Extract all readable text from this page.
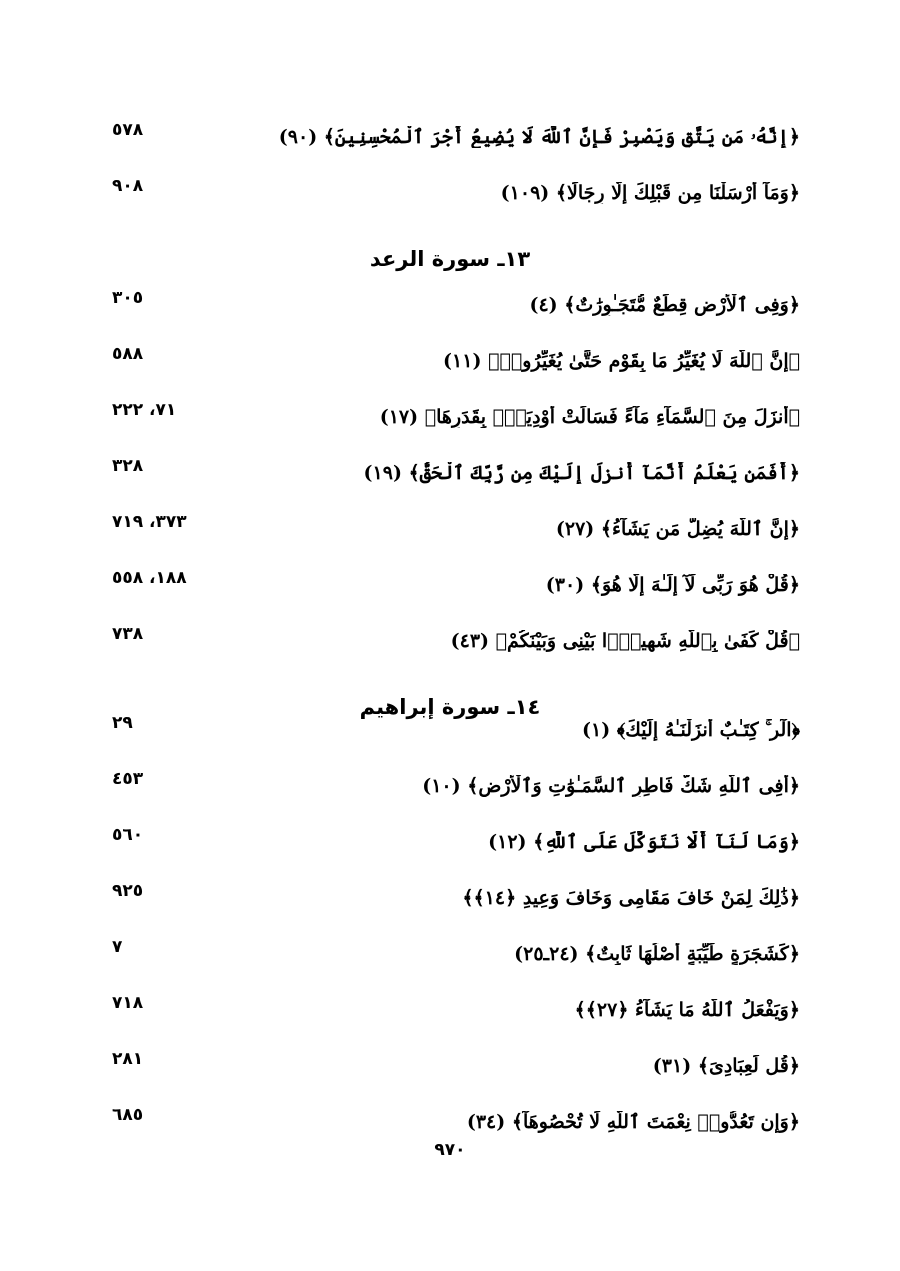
﴿إِنَّهُۥ مَن يَتَّقِ وَيَصْبِرْ فَإِنَّ ٱللَّهَ لَا يُضِيعُ أَجْرَ ٱلْمُحْسِنِينَ﴾ (٩٠)
٥٧٨
﴿وَمَآ أَرْسَلْنَا مِن قَبْلِكَ إِلَّا رِجَالًا﴾ (١٠٩)
٩٠٨
١٣ـ سورة الرعد
﴿وَفِى ٱلْأَرْضِ قِطَعٌ مُّتَجَـٰوِرَٰتٌ﴾ (٤)
٣٠٥
﴿إِنَّ ٱللَّهَ لَا يُغَيِّرُ مَا بِقَوْمٍ حَتَّىٰ يُغَيِّرُوا۟﴾ (١١)
٥٨٨
﴿أَنزَلَ مِنَ ٱلسَّمَآءِ مَآءً فَسَالَتْ أَوْدِيَةٌۢ بِقَدَرِهَا﴾ (١٧)
٧١، ٢٢٢
﴿أَفَمَن يَعْلَمُ أَنَّمَآ أُنزِلَ إِلَيْكَ مِن رَّبِّكَ ٱلْحَقُّ﴾ (١٩)
٣٢٨
﴿إِنَّ ٱللَّهَ يُضِلُّ مَن يَشَآءُ﴾ (٢٧)
٣٧٣، ٧١٩
﴿قُلْ هُوَ رَبِّى لَآ إِلَـٰهَ إِلَّا هُوَ﴾ (٣٠)
١٨٨، ٥٥٨
﴿قُلْ كَفَىٰ بِٱللَّهِ شَهِيدًۢا بَيْنِى وَبَيْنَكُمْ﴾ (٤٣)
٧٣٨
١٤ـ سورة إبراهيم
﴿الٓر ۚ كِتَـٰبٌ أَنزَلْنَـٰهُ إِلَيْكَ﴾ (١)
٢٩
﴿أَفِى ٱللَّهِ شَكٌّ فَاطِرِ ٱلسَّمَـٰوَٰتِ وَٱلْأَرْضِ﴾ (١٠)
٤٥٣
﴿وَمَا لَنَآ أَلَّا نَتَوَكَّلَ عَلَى ٱللَّهِ﴾ (١٢)
٥٦٠
﴿ذَٰلِكَ لِمَنْ خَافَ مَقَامِى وَخَافَ وَعِيدِ ﴿١٤﴾﴾
٩٢٥
﴿كَشَجَرَةٍ طَيِّبَةٍ أَصْلُهَا ثَابِتٌ﴾ (٢٤ـ٢٥)
٧
﴿وَيَفْعَلُ ٱللَّهُ مَا يَشَآءُ ﴿٢٧﴾﴾
٧١٨
﴿قُل لِّعِبَادِىَ﴾ (٣١)
٢٨١
﴿وَإِن تَعُدُّوا۟ نِعْمَتَ ٱللَّهِ لَا تُحْصُوهَآ﴾ (٣٤)
٦٨٥
٩٧٠
